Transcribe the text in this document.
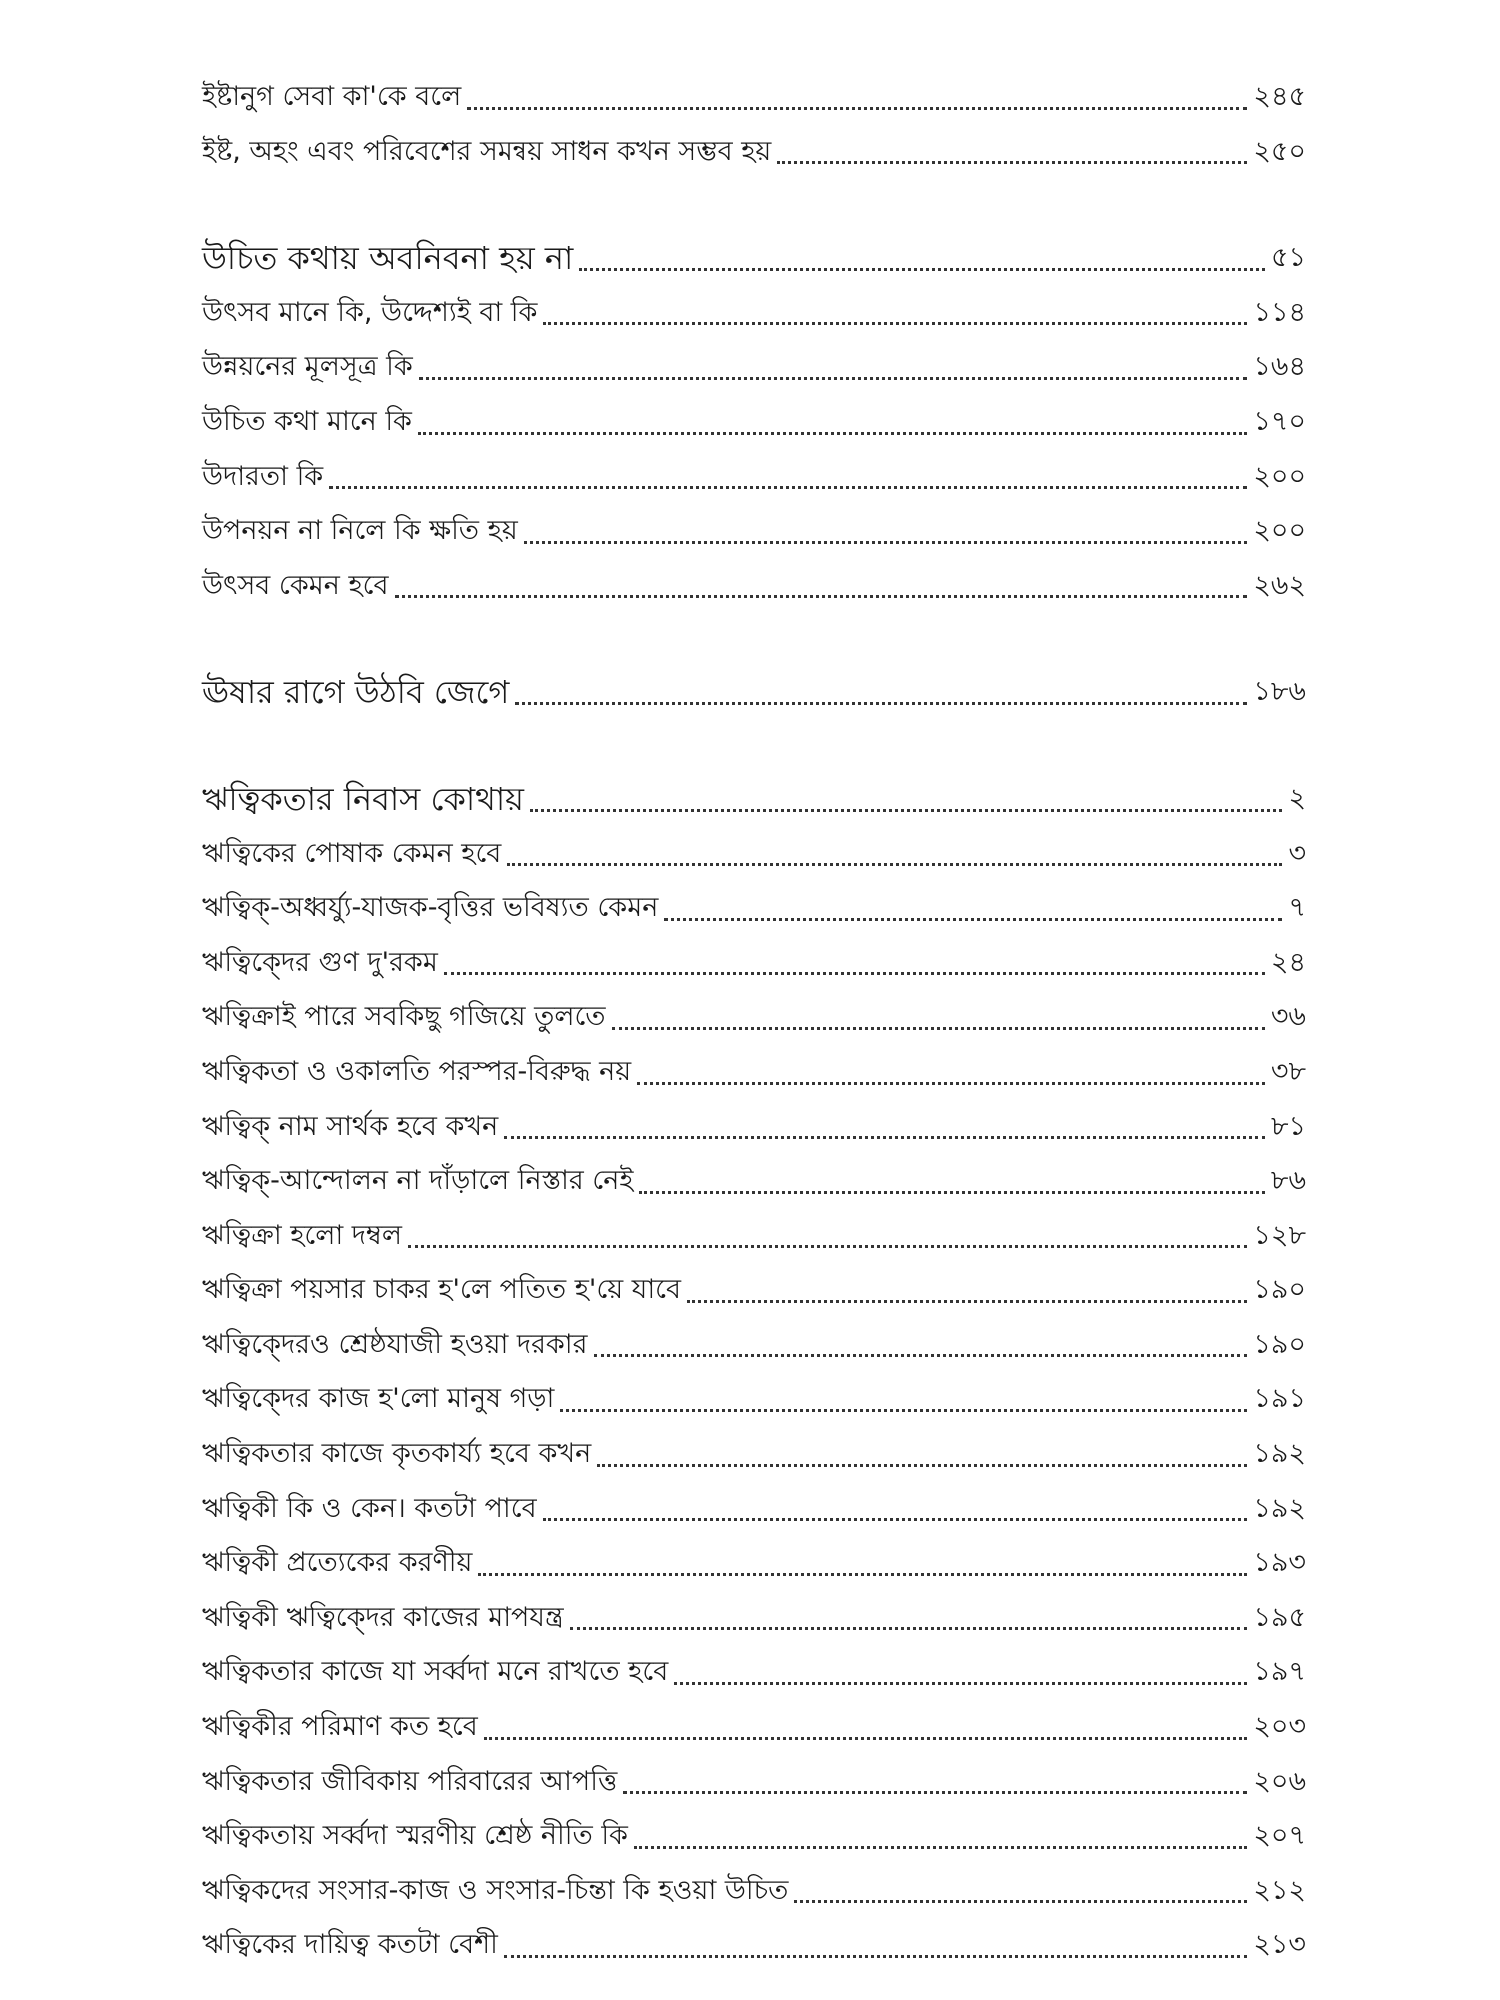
ইষ্টানুগ সেবা কা'কে বলে	২৪৫
ইষ্ট, অহং এবং পরিবেশের সমন্বয় সাধন কখন সম্ভব হয়	২৫০
উচিত কথায় অবনিবনা হয় না	৫১
উৎসব মানে কি, উদ্দেশ্যই বা কি	১১৪
উন্নয়নের মূলসূত্র কি	১৬৪
উচিত কথা মানে কি	১৭০
উদারতা কি	২০০
উপনয়ন না নিলে কি ক্ষতি হয়	২০০
উৎসব কেমন হবে	২৬২
ঊষার রাগে উঠবি জেগে	১৮৬
ঋত্বিকতার নিবাস কোথায়	২
ঋত্বিকের পোষাক কেমন হবে	৩
ঋত্বিক্-অধ্বর্য্যু-যাজক-বৃত্তির ভবিষ্যত কেমন	৭
ঋত্বিক্দের গুণ দু'রকম	২৪
ঋত্বিক্রাই পারে সবকিছু গজিয়ে তুলতে	৩৬
ঋত্বিকতা ও ওকালতি পরস্পর-বিরুদ্ধ নয়	৩৮
ঋত্বিক্ নাম সার্থক হবে কখন	৮১
ঋত্বিক্-আন্দোলন না দাঁড়ালে নিস্তার নেই	৮৬
ঋত্বিক্রা হলো দম্বল	১২৮
ঋত্বিক্রা পয়সার চাকর হ'লে পতিত হ'য়ে যাবে	১৯০
ঋত্বিক্দেরও শ্রেষ্ঠযাজী হওয়া দরকার	১৯০
ঋত্বিক্দের কাজ হ'লো মানুষ গড়া	১৯১
ঋত্বিকতার কাজে কৃতকার্য্য হবে কখন	১৯২
ঋত্বিকী কি ও কেন। কতটা পাবে	১৯২
ঋত্বিকী প্রত্যেকের করণীয়	১৯৩
ঋত্বিকী ঋত্বিক্দের কাজের মাপযন্ত্র	১৯৫
ঋত্বিকতার কাজে যা সর্ব্বদা মনে রাখতে হবে	১৯৭
ঋত্বিকীর পরিমাণ কত হবে	২০৩
ঋত্বিকতার জীবিকায় পরিবারের আপত্তি	২০৬
ঋত্বিকতায় সর্ব্বদা স্মরণীয় শ্রেষ্ঠ নীতি কি	২০৭
ঋত্বিকদের সংসার-কাজ ও সংসার-চিন্তা কি হওয়া উচিত	২১২
ঋত্বিকের দায়িত্ব কতটা বেশী	২১৩
